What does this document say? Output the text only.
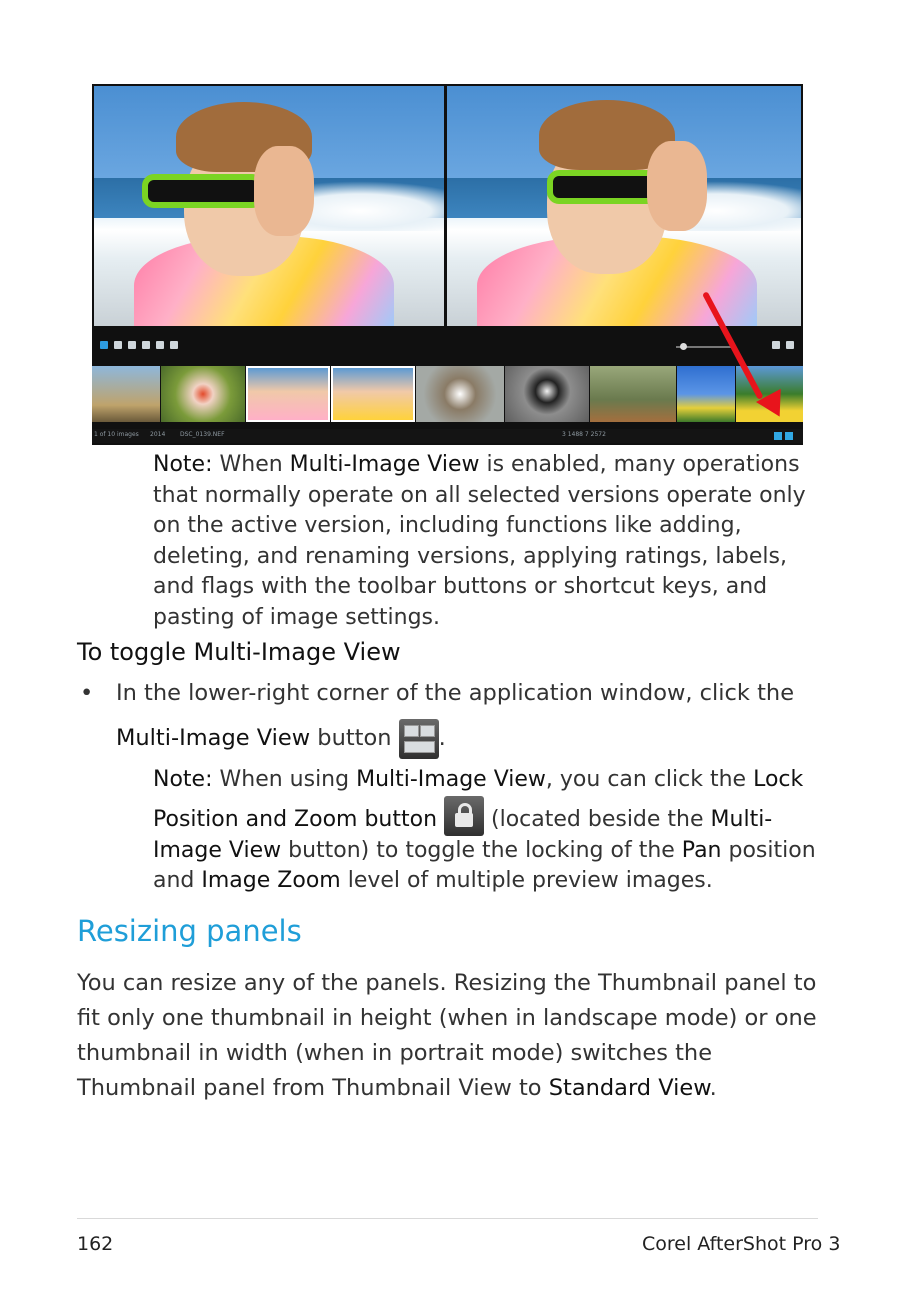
1 of 10 images 2014 DSC_0139.NEF	3 1488 7 2572
Note: When Multi-Image View is enabled, many operations that normally operate on all selected versions operate only on the active version, including functions like adding, deleting, and renaming versions, applying ratings, labels, and flags with the toolbar buttons or shortcut keys, and pasting of image settings.
To toggle Multi-Image View
• In the lower-right corner of the application window, click the
Multi-Image View button .
Note: When using Multi-Image View, you can click the Lock Position and Zoom button
(located beside the Multi-Image View button) to toggle the locking of the Pan position and Image Zoom level of multiple preview images.
Resizing panels
You can resize any of the panels. Resizing the Thumbnail panel to fit only one thumbnail in height (when in landscape mode) or one thumbnail in width (when in portrait mode) switches the Thumbnail panel from Thumbnail View to Standard View.
162	Corel AfterShot Pro 3
